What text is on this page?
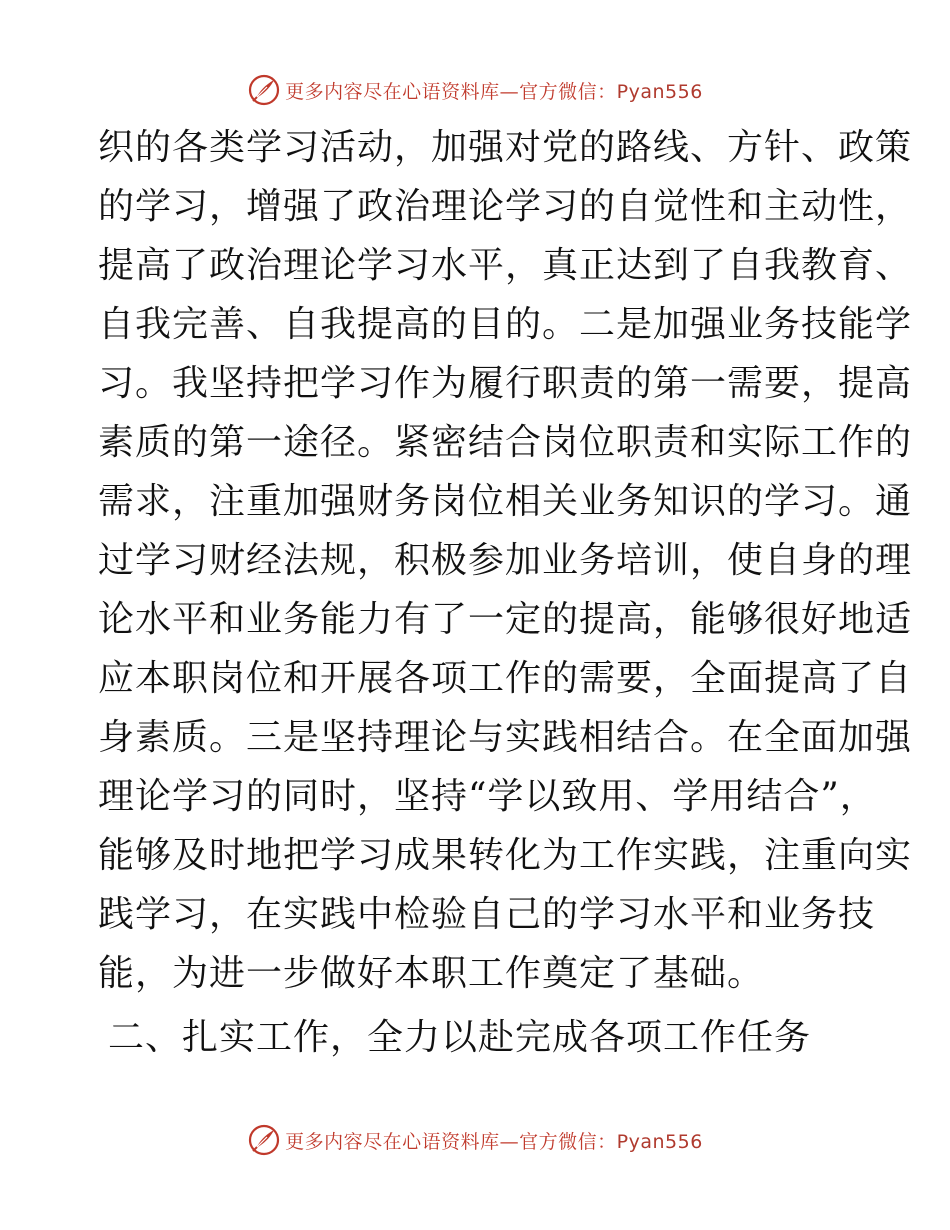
更多内容尽在心语资料库—官方微信：Pyan556
织的各类学习活动，加强对党的路线、方针、政策
的学习，增强了政治理论学习的自觉性和主动性，
提高了政治理论学习水平，真正达到了自我教育、
自我完善、自我提高的目的。二是加强业务技能学
习。我坚持把学习作为履行职责的第一需要，提高
素质的第一途径。紧密结合岗位职责和实际工作的
需求，注重加强财务岗位相关业务知识的学习。通
过学习财经法规，积极参加业务培训，使自身的理
论水平和业务能力有了一定的提高，能够很好地适
应本职岗位和开展各项工作的需要，全面提高了自
身素质。三是坚持理论与实践相结合。在全面加强
理论学习的同时，坚持“学以致用、学用结合”，
能够及时地把学习成果转化为工作实践，注重向实
践学习，在实践中检验自己的学习水平和业务技
能，为进一步做好本职工作奠定了基础。
二、扎实工作，全力以赴完成各项工作任务
更多内容尽在心语资料库—官方微信：Pyan556
